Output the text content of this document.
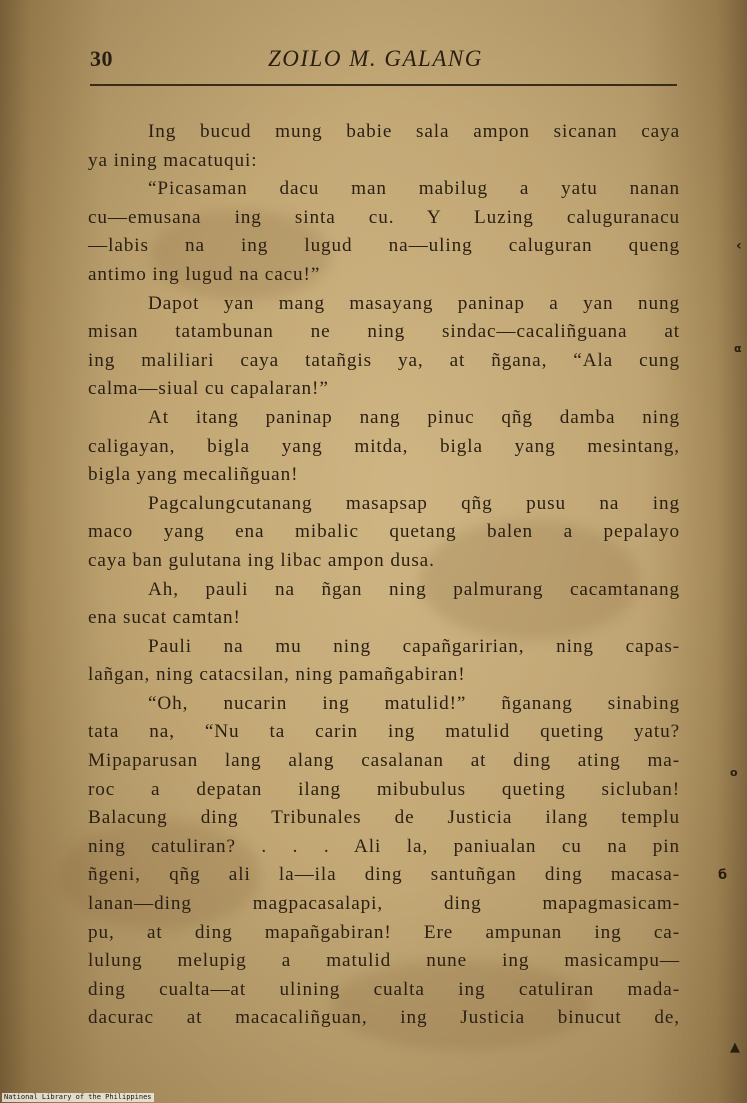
30	ZOILO M. GALANG
Ing bucud mung babie sala ampon sicanan caya
ya ining macatuqui:
“Picasaman dacu man mabilug a yatu nanan
cu—emusana ing sinta cu. Y Luzing caluguranacu
—labis na ing lugud na—uling caluguran queng
antimo ing lugud na cacu!”
Dapot yan mang masayang paninap a yan nung
misan tatambunan ne ning sindac—cacaliñguana at
ing maliliari caya tatañgis ya, at ñgana, “Ala cung
calma—siual cu capalaran!”
At itang paninap nang pinuc qñg damba ning
caligayan, bigla yang mitda, bigla yang mesintang,
bigla yang mecaliñguan!
Pagcalungcutanang masapsap qñg pusu na ing
maco yang ena mibalic quetang balen a pepalayo
caya ban gulutana ing libac ampon dusa.
Ah, pauli na ñgan ning palmurang cacamtanang
ena sucat camtan!
Pauli na mu ning capañgaririan, ning capas-
lañgan, ning catacsilan, ning pamañgabiran!
“Oh, nucarin ing matulid!” ñganang sinabing
tata na, “Nu ta carin ing matulid queting yatu?
Mipaparusan lang alang casalanan at ding ating ma-
roc a depatan ilang mibubulus queting sicluban!
Balacung ding Tribunales de Justicia ilang templu
ning catuliran? . . . Ali la, paniualan cu na pin
ñgeni, qñg ali la—ila ding santuñgan ding macasa-
lanan—ding magpacasalapi, ding mapagmasicam-
pu, at ding mapañgabiran! Ere ampunan ing ca-
lulung melupig a matulid nune ing masicampu—
ding cualta—at ulining cualta ing catuliran mada-
dacurac at macacaliñguan, ing Justicia binucut de,
‹
α
o
б
▲
National Library of the Philippines
